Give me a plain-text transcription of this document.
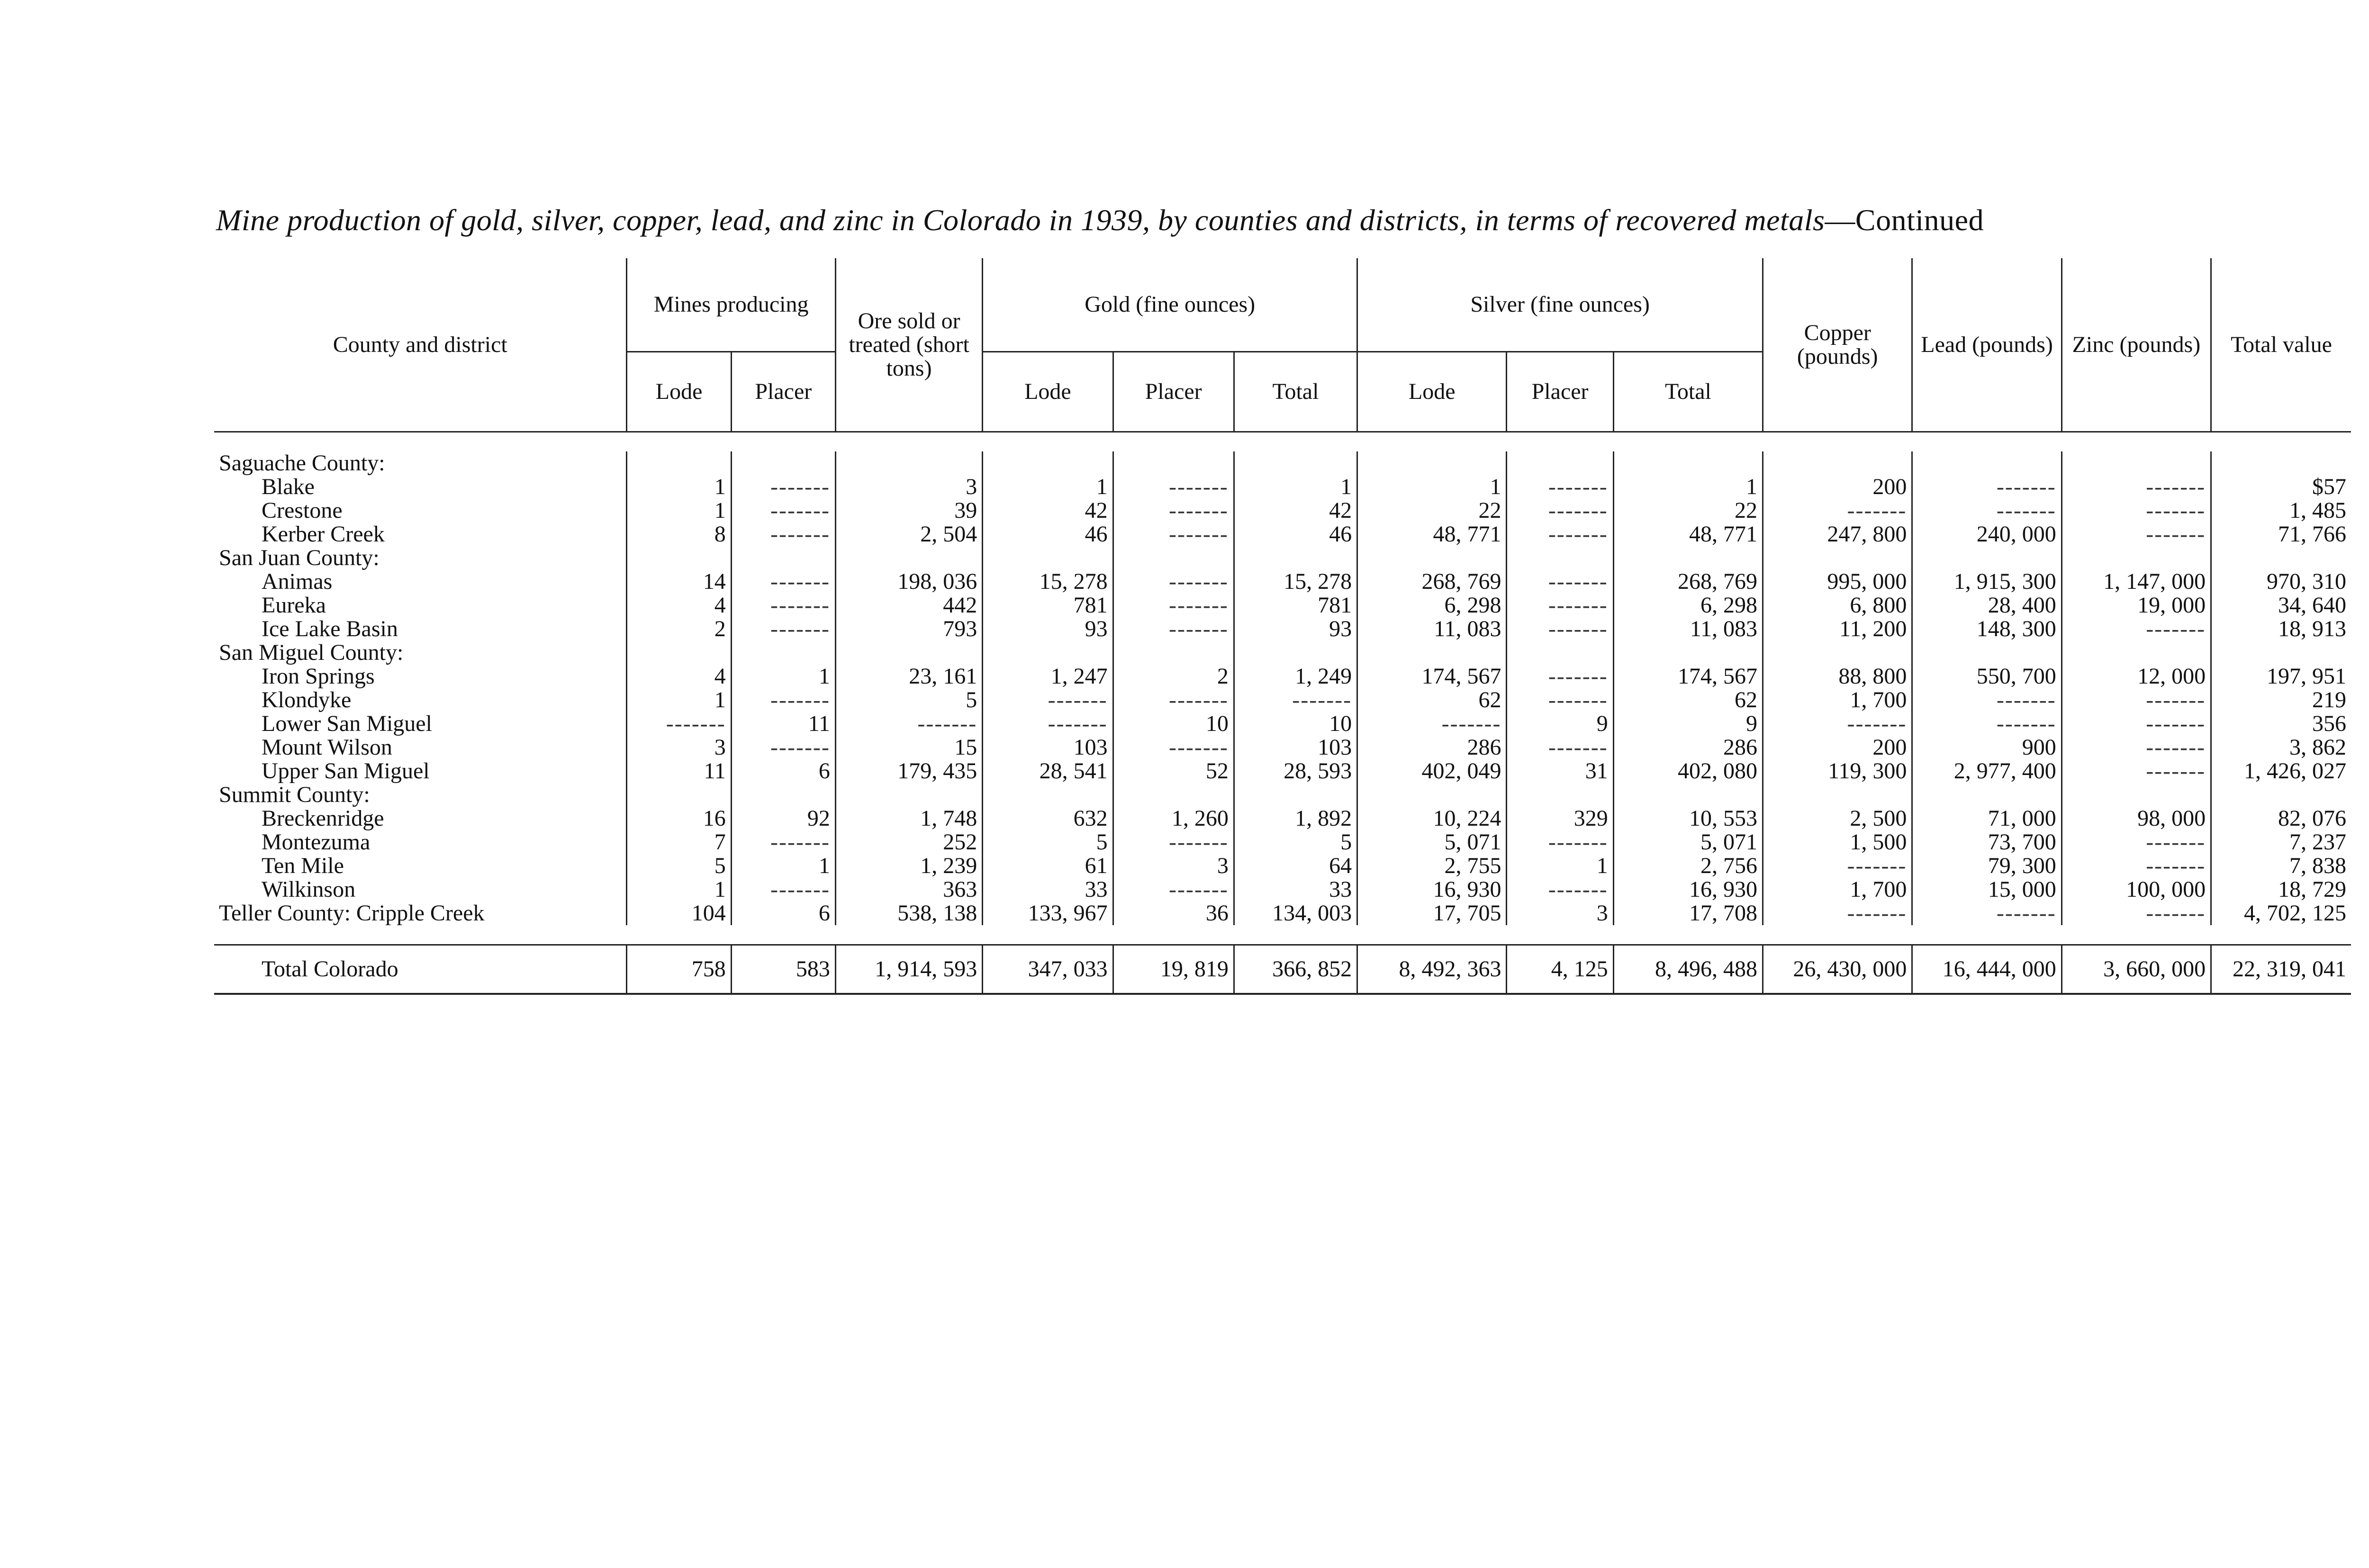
Mine production of gold, silver, copper, lead, and zinc in Colorado in 1939, by counties and districts, in terms of recovered metals—Continued
County and district	Mines producing		Ore sold or treated (short tons)	Gold (fine ounces)			Silver (fine ounces)			Copper (pounds)	Lead (pounds)	Zinc (pounds)	Total value
	Lode	Placer		Lode	Placer	Total	Lode	Placer	Total				

Saguache County:													
Blake	1	-------	3	1	-------	1	1	-------	1	200	-------	-------	$57
Crestone	1	-------	39	42	-------	42	22	-------	22	-------	-------	-------	1, 485
Kerber Creek	8	-------	2, 504	46	-------	46	48, 771	-------	48, 771	247, 800	240, 000	-------	71, 766
San Juan County:													
Animas	14	-------	198, 036	15, 278	-------	15, 278	268, 769	-------	268, 769	995, 000	1, 915, 300	1, 147, 000	970, 310
Eureka	4	-------	442	781	-------	781	6, 298	-------	6, 298	6, 800	28, 400	19, 000	34, 640
Ice Lake Basin	2	-------	793	93	-------	93	11, 083	-------	11, 083	11, 200	148, 300	-------	18, 913
San Miguel County:													
Iron Springs	4	1	23, 161	1, 247	2	1, 249	174, 567	-------	174, 567	88, 800	550, 700	12, 000	197, 951
Klondyke	1	-------	5	-------	-------	-------	62	-------	62	1, 700	-------	-------	219
Lower San Miguel	-------	11	-------	-------	10	10	-------	9	9	-------	-------	-------	356
Mount Wilson	3	-------	15	103	-------	103	286	-------	286	200	900	-------	3, 862
Upper San Miguel	11	6	179, 435	28, 541	52	28, 593	402, 049	31	402, 080	119, 300	2, 977, 400	-------	1, 426, 027
Summit County:													
Breckenridge	16	92	1, 748	632	1, 260	1, 892	10, 224	329	10, 553	2, 500	71, 000	98, 000	82, 076
Montezuma	7	-------	252	5	-------	5	5, 071	-------	5, 071	1, 500	73, 700	-------	7, 237
Ten Mile	5	1	1, 239	61	3	64	2, 755	1	2, 756	-------	79, 300	-------	7, 838
Wilkinson	1	-------	363	33	-------	33	16, 930	-------	16, 930	1, 700	15, 000	100, 000	18, 729
Teller County: Cripple Creek	104	6	538, 138	133, 967	36	134, 003	17, 705	3	17, 708	-------	-------	-------	4, 702, 125

Total Colorado	758	583	1, 914, 593	347, 033	19, 819	366, 852	8, 492, 363	4, 125	8, 496, 488	26, 430, 000	16, 444, 000	3, 660, 000	22, 319, 041
